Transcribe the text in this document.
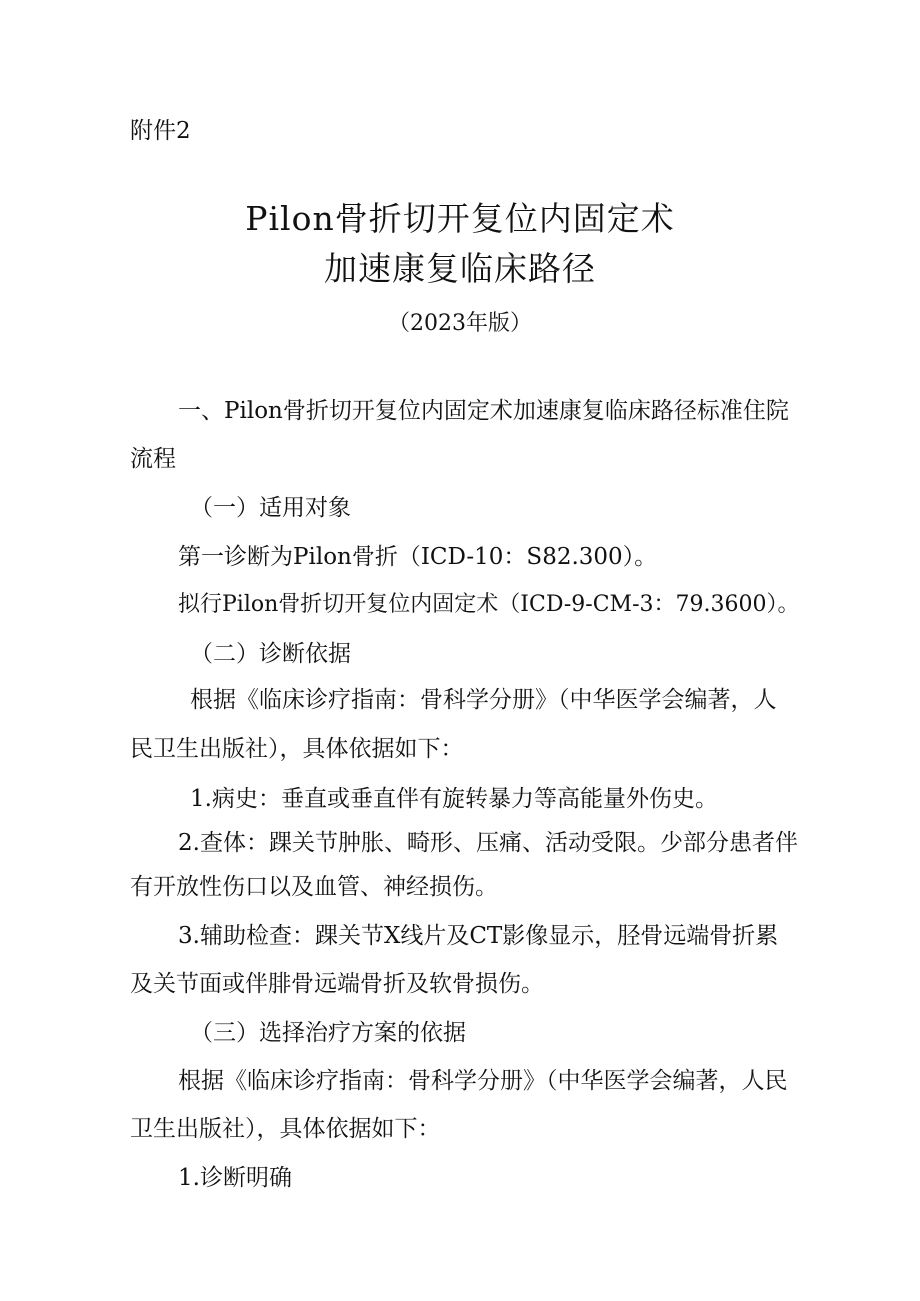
附件2
Pilon骨折切开复位内固定术
加速康复临床路径
（2023年版）
一、Pilon骨折切开复位内固定术加速康复临床路径标准住院
流程
（一）适用对象
第一诊断为Pilon骨折（ICD-10：S82.300）。
拟行Pilon骨折切开复位内固定术（ICD-9-CM-3：79.3600）。
（二）诊断依据
根据《临床诊疗指南：骨科学分册》（中华医学会编著，人
民卫生出版社），具体依据如下：
1.病史：垂直或垂直伴有旋转暴力等高能量外伤史。
2.查体：踝关节肿胀、畸形、压痛、活动受限。少部分患者伴
有开放性伤口以及血管、神经损伤。
3.辅助检查：踝关节X线片及CT影像显示，胫骨远端骨折累
及关节面或伴腓骨远端骨折及软骨损伤。
（三）选择治疗方案的依据
根据《临床诊疗指南：骨科学分册》（中华医学会编著，人民
卫生出版社），具体依据如下：
1.诊断明确
